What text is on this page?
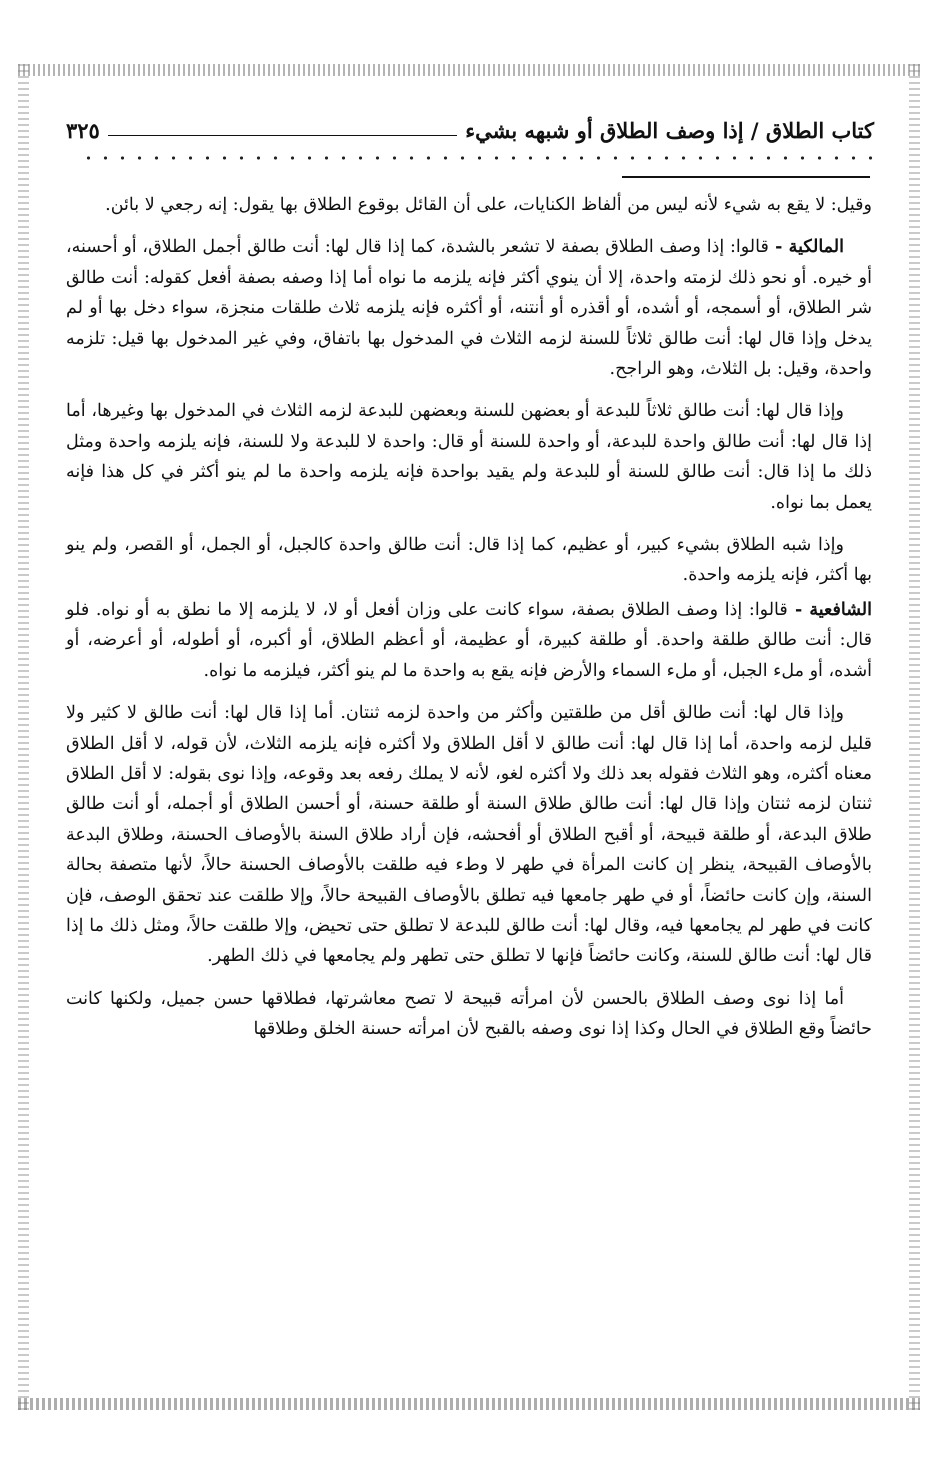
كتاب الطلاق / إذا وصف الطلاق أو شبهه بشيء
٣٢٥

وقيل: لا يقع به شيء لأنه ليس من ألفاظ الكنايات، على أن القائل بوقوع الطلاق بها يقول: إنه رجعي لا بائن.

المالكية - قالوا: إذا وصف الطلاق بصفة لا تشعر بالشدة، كما إذا قال لها: أنت طالق أجمل الطلاق، أو أحسنه، أو خيره. أو نحو ذلك لزمته واحدة، إلا أن ينوي أكثر فإنه يلزمه ما نواه أما إذا وصفه بصفة أفعل كقوله: أنت طالق شر الطلاق، أو أسمجه، أو أشده، أو أقذره أو أنتنه، أو أكثره فإنه يلزمه ثلاث طلقات منجزة، سواء دخل بها أو لم يدخل وإذا قال لها: أنت طالق ثلاثاً للسنة لزمه الثلاث في المدخول بها باتفاق، وفي غير المدخول بها قيل: تلزمه واحدة، وقيل: بل الثلاث، وهو الراجح.

وإذا قال لها: أنت طالق ثلاثاً للبدعة أو بعضهن للسنة وبعضهن للبدعة لزمه الثلاث في المدخول بها وغيرها، أما إذا قال لها: أنت طالق واحدة للبدعة، أو واحدة للسنة أو قال: واحدة لا للبدعة ولا للسنة، فإنه يلزمه واحدة ومثل ذلك ما إذا قال: أنت طالق للسنة أو للبدعة ولم يقيد بواحدة فإنه يلزمه واحدة ما لم ينو أكثر في كل هذا فإنه يعمل بما نواه.

وإذا شبه الطلاق بشيء كبير، أو عظيم، كما إذا قال: أنت طالق واحدة كالجبل، أو الجمل، أو القصر، ولم ينو بها أكثر، فإنه يلزمه واحدة.

الشافعية - قالوا: إذا وصف الطلاق بصفة، سواء كانت على وزان أفعل أو لا، لا يلزمه إلا ما نطق به أو نواه. فلو قال: أنت طالق طلقة واحدة. أو طلقة كبيرة، أو عظيمة، أو أعظم الطلاق، أو أكبره، أو أطوله، أو أعرضه، أو أشده، أو ملء الجبل، أو ملء السماء والأرض فإنه يقع به واحدة ما لم ينو أكثر، فيلزمه ما نواه.

وإذا قال لها: أنت طالق أقل من طلقتين وأكثر من واحدة لزمه ثنتان. أما إذا قال لها: أنت طالق لا كثير ولا قليل لزمه واحدة، أما إذا قال لها: أنت طالق لا أقل الطلاق ولا أكثره فإنه يلزمه الثلاث، لأن قوله، لا أقل الطلاق معناه أكثره، وهو الثلاث فقوله بعد ذلك ولا أكثره لغو، لأنه لا يملك رفعه بعد وقوعه، وإذا نوى بقوله: لا أقل الطلاق ثنتان لزمه ثنتان وإذا قال لها: أنت طالق طلاق السنة أو طلقة حسنة، أو أحسن الطلاق أو أجمله، أو أنت طالق طلاق البدعة، أو طلقة قبيحة، أو أقبح الطلاق أو أفحشه، فإن أراد طلاق السنة بالأوصاف الحسنة، وطلاق البدعة بالأوصاف القبيحة، ينظر إن كانت المرأة في طهر لا وطء فيه طلقت بالأوصاف الحسنة حالاً، لأنها متصفة بحالة السنة، وإن كانت حائضاً، أو في طهر جامعها فيه تطلق بالأوصاف القبيحة حالاً، وإلا طلقت عند تحقق الوصف، فإن كانت في طهر لم يجامعها فيه، وقال لها: أنت طالق للبدعة لا تطلق حتى تحيض، وإلا طلقت حالاً، ومثل ذلك ما إذا قال لها: أنت طالق للسنة، وكانت حائضاً فإنها لا تطلق حتى تطهر ولم يجامعها في ذلك الطهر.

أما إذا نوى وصف الطلاق بالحسن لأن امرأته قبيحة لا تصح معاشرتها، فطلاقها حسن جميل، ولكنها كانت حائضاً وقع الطلاق في الحال وكذا إذا نوى وصفه بالقبح لأن امرأته حسنة الخلق وطلاقها
